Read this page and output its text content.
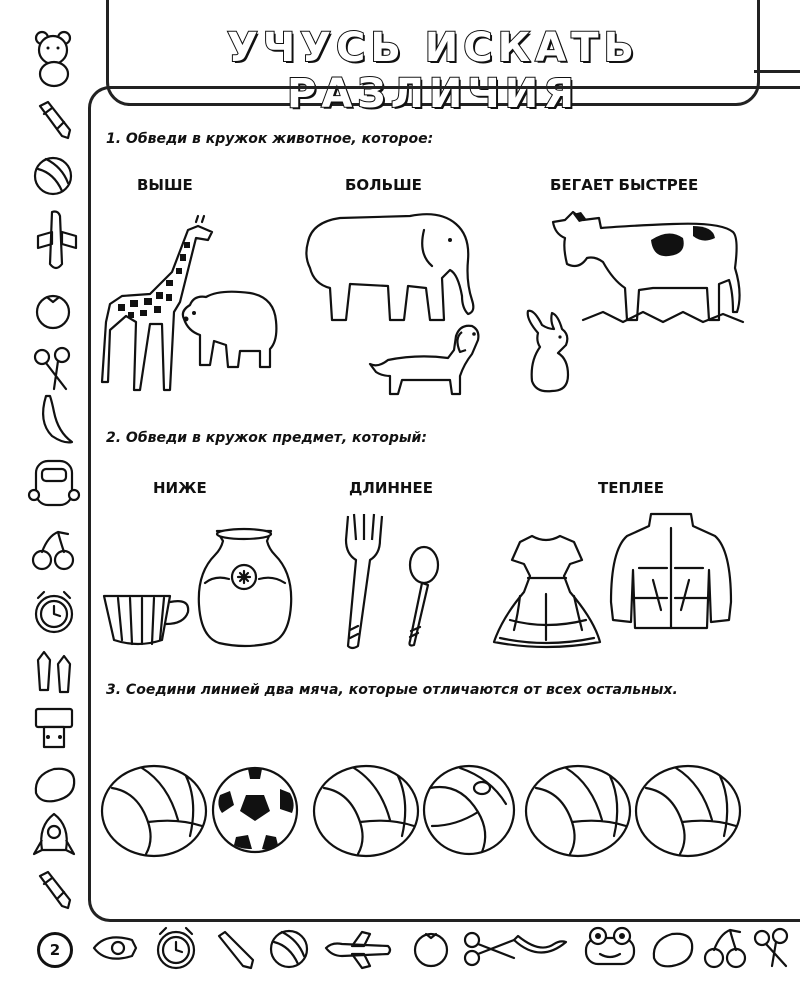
УЧУСЬ ИСКАТЬ РАЗЛИЧИЯ
1. Обведи в кружок животное, которое:
ВЫШЕ	БОЛЬШЕ	БЕГАЕТ БЫСТРЕЕ
2. Обведи в кружок предмет, который:
НИЖЕ	ДЛИННЕЕ	ТЕПЛЕЕ
3. Соедини линией два мяча, которые отличаются от всех остальных.
2
